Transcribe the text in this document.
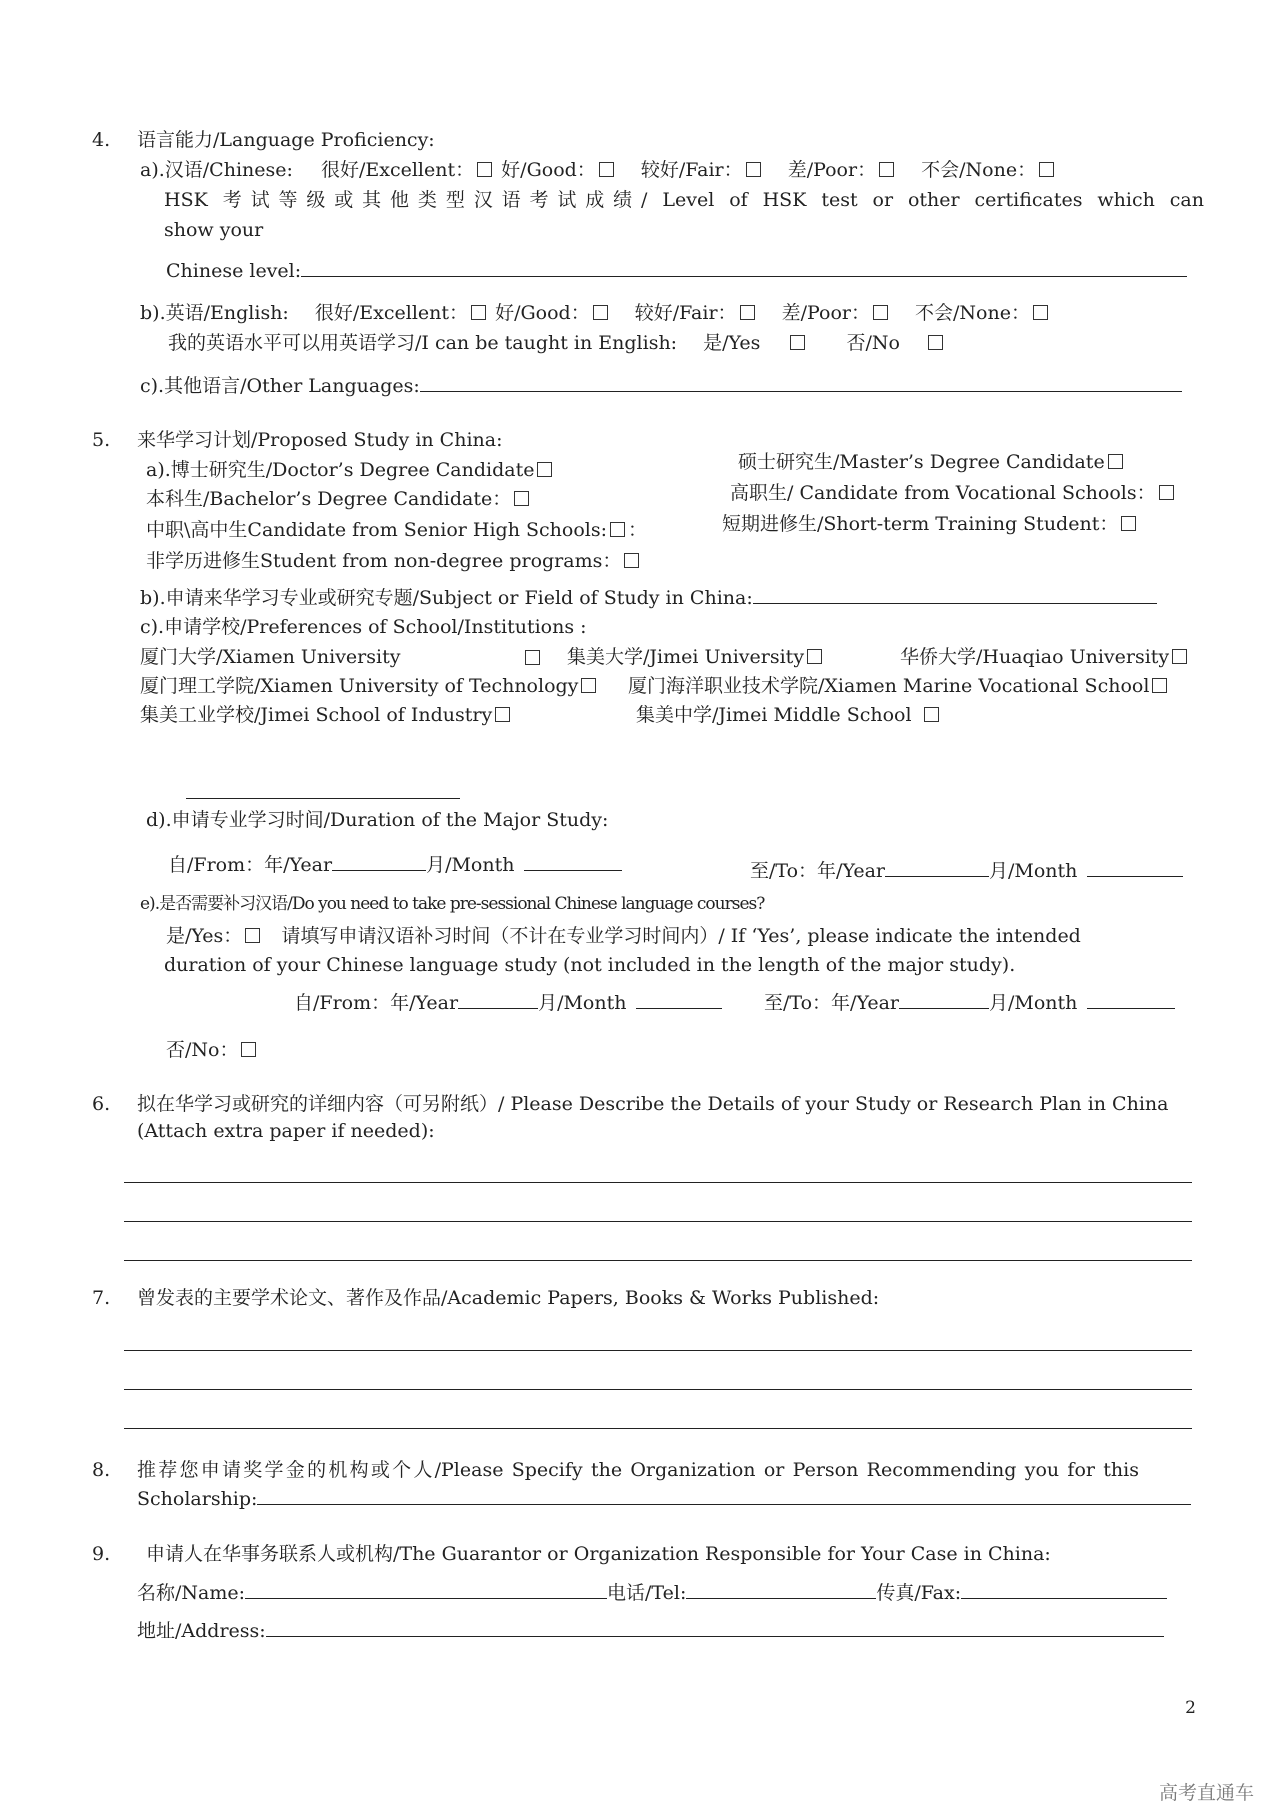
4. 语言能力/Language Proficiency:
a).汉语/Chinese: 很好/Excellent： 好/Good： 较好/Fair： 差/Poor： 不会/None：
HSK 考试等级或其他类型汉语考试成绩/ Level of HSK test or other certificates which can
show your
Chinese level:
b).英语/English: 很好/Excellent： 好/Good： 较好/Fair： 差/Poor： 不会/None：
我的英语水平可以用英语学习/I can be taught in English: 是/Yes	否/No
c).其他语言/Other Languages:
5. 来华学习计划/Proposed Study in China:
a).博士研究生/Doctor’s Degree Candidate
本科生/Bachelor’s Degree Candidate：
中职\高中生Candidate from Senior High Schools: ：
非学历进修生Student from non-degree programs：
硕士研究生/Master’s Degree Candidate
高职生/ Candidate from Vocational Schools：
短期进修生/Short-term Training Student：
b).申请来华学习专业或研究专题/Subject or Field of Study in China:
c).申请学校/Preferences of School/Institutions :
厦门大学/Xiamen University	集美大学/Jimei University	华侨大学/Huaqiao University
厦门理工学院/Xiamen University of Technology	厦门海洋职业技术学院/Xiamen Marine Vocational School
集美工业学校/Jimei School of Industry	集美中学/Jimei Middle School
d).申请专业学习时间/Duration of the Major Study:
自/From：年/Year	月/Month	至/To：年/Year	月/Month
e).是否需要补习汉语/Do you need to take pre-sessional Chinese language courses?
是/Yes： 请填写申请汉语补习时间（不计在专业学习时间内）/ If ‘Yes’, please indicate the intended
duration of your Chinese language study (not included in the length of the major study).
自/From：年/Year	月/Month	至/To：年/Year	月/Month
否/No：
6. 拟在华学习或研究的详细内容（可另附纸）/ Please Describe the Details of your Study or Research Plan in China
(Attach extra paper if needed):
7. 曾发表的主要学术论文、著作及作品/Academic Papers, Books & Works Published:
8. 推荐您申请奖学金的机构或个人/Please Specify the Organization or Person Recommending you for this
Scholarship:
9. 申请人在华事务联系人或机构/The Guarantor or Organization Responsible for Your Case in China:
名称/Name:	电话/Tel:	传真/Fax:
地址/Address:
2
高考直通车
